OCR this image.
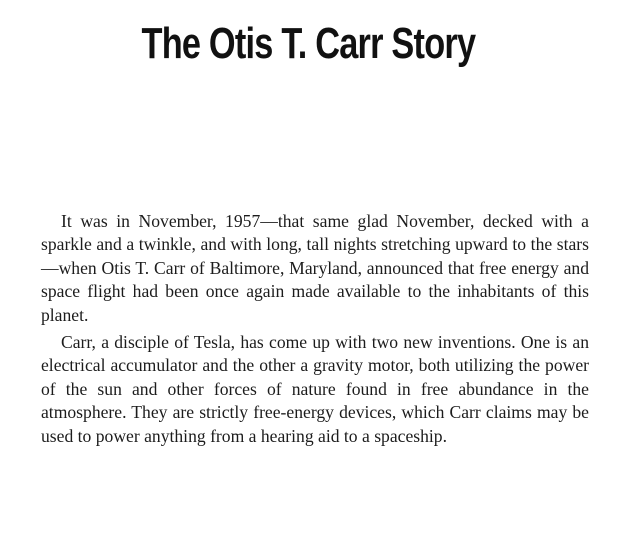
The Otis T. Carr Story

It was in November, 1957—that same glad November, decked with a sparkle and a twinkle, and with long, tall nights stretching upward to the stars—when Otis T. Carr of Baltimore, Maryland, announced that free energy and space flight had been once again made available to the inhabitants of this planet.

Carr, a disciple of Tesla, has come up with two new inventions. One is an electrical accumulator and the other a gravity motor, both utilizing the power of the sun and other forces of nature found in free abundance in the atmosphere. They are strictly free-energy devices, which Carr claims may be used to power anything from a hearing aid to a spaceship.
